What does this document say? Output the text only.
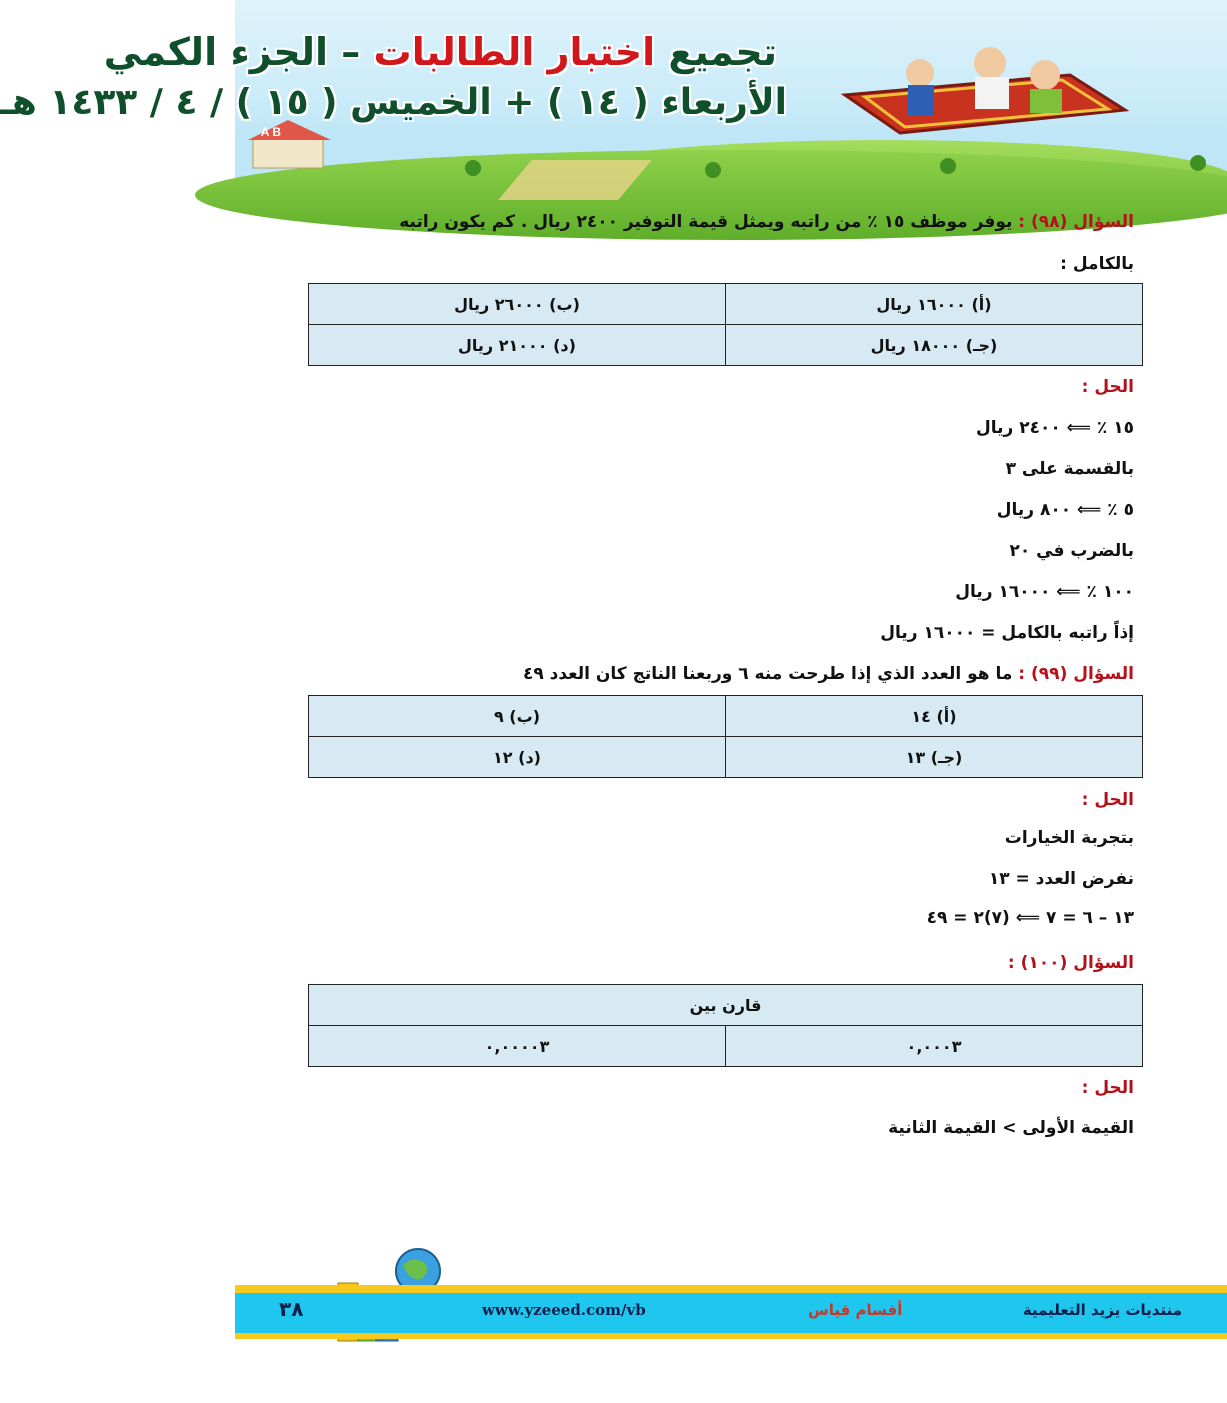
A B
تجميع اختبار الطالبات – الجزء الكمي
الأربعاء ( ١٤ ) + الخميس ( ١٥ ) / ٤ / ١٤٣٣ هـ
السؤال (٩٨) : يوفر موظف ١٥ ٪ من راتبه ويمثل قيمة التوفير ٢٤٠٠ ريال . كم يكون راتبه
بالكامل :
(أ) ١٦٠٠٠ ريال	(ب) ٢٦٠٠٠ ريال
(جـ) ١٨٠٠٠ ريال	(د) ٢١٠٠٠ ريال
الحل :
١٥ ٪ ⟸ ٢٤٠٠ ريال
بالقسمة على ٣
٥ ٪ ⟸ ٨٠٠ ريال
بالضرب في ٢٠
١٠٠ ٪ ⟸ ١٦٠٠٠ ريال
إذاً راتبه بالكامل = ١٦٠٠٠ ريال
السؤال (٩٩) : ما هو العدد الذي إذا طرحت منه ٦ وربعنا الناتج كان العدد ٤٩
(أ) ١٤	(ب) ٩
(جـ) ١٣	(د) ١٢
الحل :
بتجربة الخيارات
نفرض العدد = ١٣
١٣ – ٦ = ٧ ⟸ (٧)٢ = ٤٩
السؤال (١٠٠) :
قارن بين
٠,٠٠٠٣	٠,٠٠٠٠٣
الحل :
القيمة الأولى > القيمة الثانية
منتديات يزيد التعليمية
أقسام قياس
www.yzeeed.com/vb
٣٨
